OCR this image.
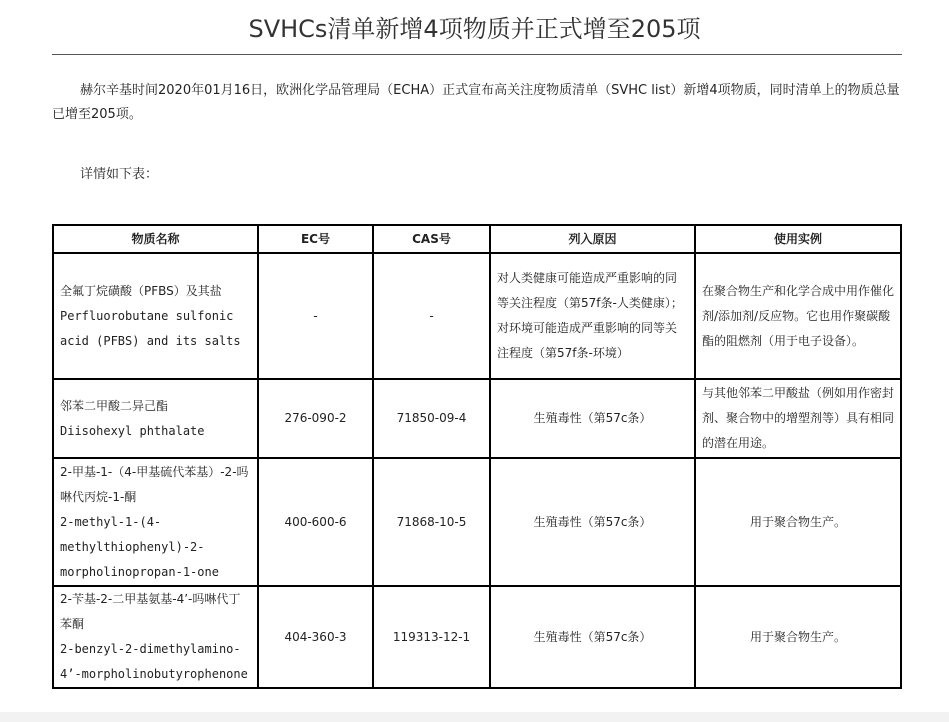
SVHCs清单新增4项物质并正式增至205项
赫尔辛基时间2020年01月16日，欧洲化学品管理局（ECHA）正式宣布高关注度物质清单（SVHC list）新增4项物质，同时清单上的物质总量已增至205项。
详情如下表：
物质名称	EC号	CAS号	列入原因	使用实例

全氟丁烷磺酸（PFBS）及其盐
Perfluorobutane sulfonic acid (PFBS) and its salts	-	-	对人类健康可能造成严重影响的同等关注程度（第57f条-人类健康）；
对环境可能造成严重影响的同等关注程度（第57f条-环境）	在聚合物生产和化学合成中用作催化剂/添加剂/反应物。它也用作聚碳酸酯的阻燃剂（用于电子设备）。

邻苯二甲酸二异己酯
Diisohexyl phthalate	276-090-2	71850-09-4	生殖毒性（第57c条）	与其他邻苯二甲酸盐（例如用作密封剂、聚合物中的增塑剂等）具有相同的潜在用途。

2-甲基-1-（4-甲基硫代苯基）-2-吗啉代丙烷-1-酮
2-methyl-1-(4-methylthiophenyl)-2-morpholinopropan-1-one	400-600-6	71868-10-5	生殖毒性（第57c条）	用于聚合物生产。

2-苄基-2-二甲基氨基-4’-吗啉代丁苯酮
2-benzyl-2-dimethylamino-4’-morpholinobutyrophenone	404-360-3	119313-12-1	生殖毒性（第57c条）	用于聚合物生产。
